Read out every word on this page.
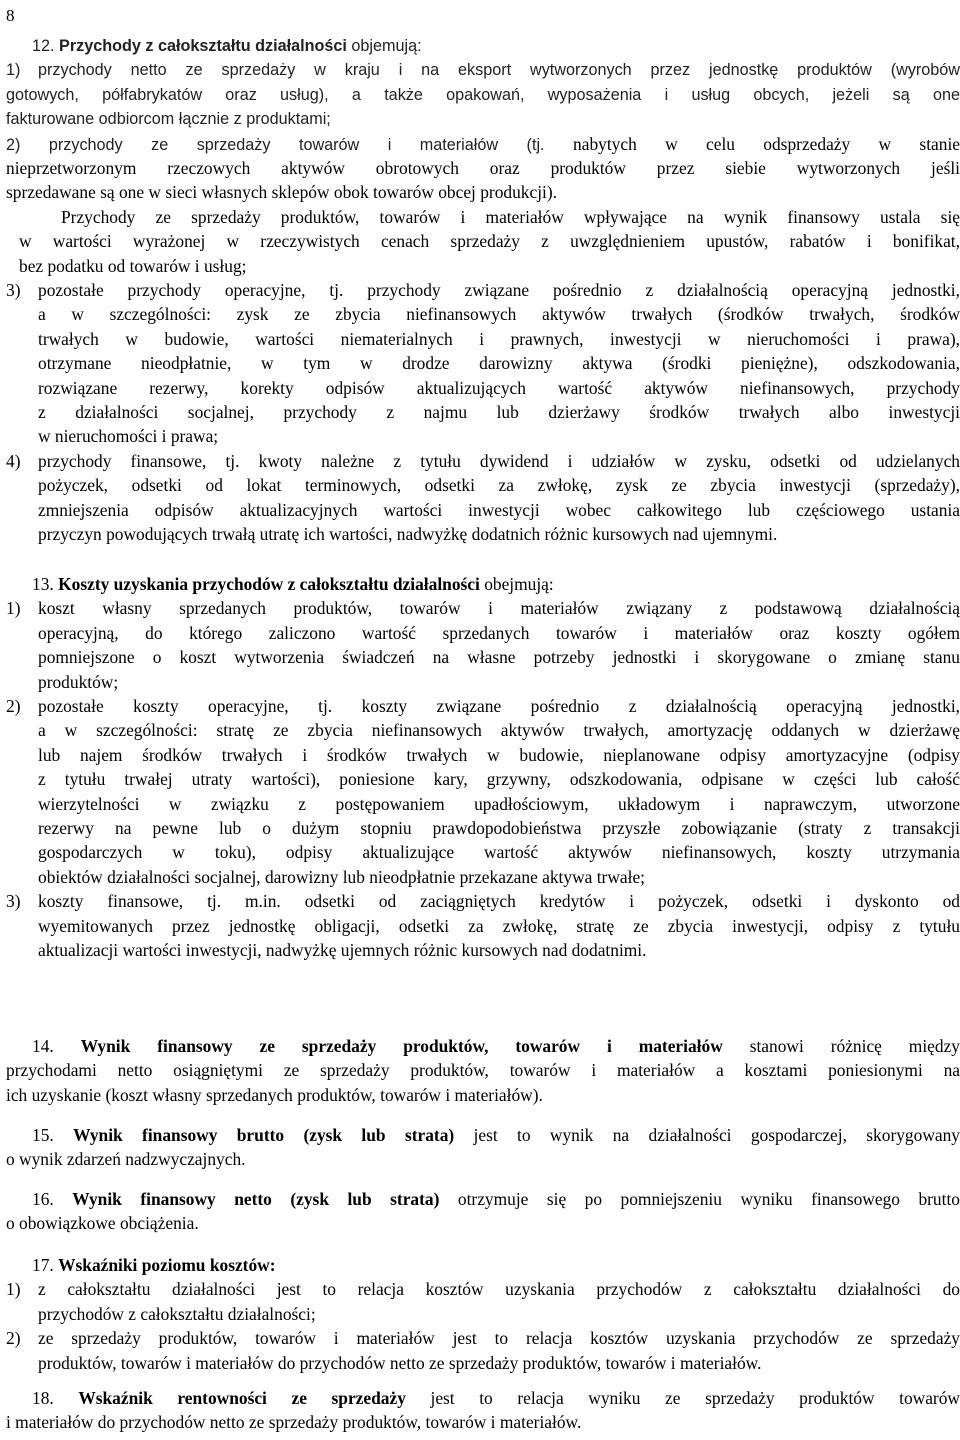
8
12. Przychody z całokształtu działalności objemują:
1) przychody netto ze sprzedaży w kraju i na eksport wytworzonych przez jednostkę produktów (wyrobów
gotowych, półfabrykatów oraz usług), a także opakowań, wyposażenia i usług obcych, jeżeli są one
fakturowane odbiorcom łącznie z produktami;
2) przychody ze sprzedaży towarów i materiałów (tj. nabytych w celu odsprzedaży w stanie
nieprzetworzonym rzeczowych aktywów obrotowych oraz produktów przez siebie wytworzonych jeśli
sprzedawane są one w sieci własnych sklepów obok towarów obcej produkcji).
Przychody ze sprzedaży produktów, towarów i materiałów wpływające na wynik finansowy ustala się
w wartości wyrażonej w rzeczywistych cenach sprzedaży z uwzględnieniem upustów, rabatów i bonifikat,
bez podatku od towarów i usług;
3) pozostałe przychody operacyjne, tj. przychody związane pośrednio z działalnością operacyjną jednostki,
a w szczególności: zysk ze zbycia niefinansowych aktywów trwałych (środków trwałych, środków
trwałych w budowie, wartości niematerialnych i prawnych, inwestycji w nieruchomości i prawa),
otrzymane nieodpłatnie, w tym w drodze darowizny aktywa (środki pieniężne), odszkodowania,
rozwiązane rezerwy, korekty odpisów aktualizujących wartość aktywów niefinansowych, przychody
z działalności socjalnej, przychody z najmu lub dzierżawy środków trwałych albo inwestycji
w nieruchomości i prawa;
4) przychody finansowe, tj. kwoty należne z tytułu dywidend i udziałów w zysku, odsetki od udzielanych
pożyczek, odsetki od lokat terminowych, odsetki za zwłokę, zysk ze zbycia inwestycji (sprzedaży),
zmniejszenia odpisów aktualizacyjnych wartości inwestycji wobec całkowitego lub częściowego ustania
przyczyn powodujących trwałą utratę ich wartości, nadwyżkę dodatnich różnic kursowych nad ujemnymi.
13. Koszty uzyskania przychodów z całokształtu działalności obejmują:
1) koszt własny sprzedanych produktów, towarów i materiałów związany z podstawową działalnością
operacyjną, do którego zaliczono wartość sprzedanych towarów i materiałów oraz koszty ogółem
pomniejszone o koszt wytworzenia świadczeń na własne potrzeby jednostki i skorygowane o zmianę stanu
produktów;
2) pozostałe koszty operacyjne, tj. koszty związane pośrednio z działalnością operacyjną jednostki,
a w szczególności: stratę ze zbycia niefinansowych aktywów trwałych, amortyzację oddanych w dzierżawę
lub najem środków trwałych i środków trwałych w budowie, nieplanowane odpisy amortyzacyjne (odpisy
z tytułu trwałej utraty wartości), poniesione kary, grzywny, odszkodowania, odpisane w części lub całość
wierzytelności w związku z postępowaniem upadłościowym, układowym i naprawczym, utworzone
rezerwy na pewne lub o dużym stopniu prawdopodobieństwa przyszłe zobowiązanie (straty z transakcji
gospodarczych w toku), odpisy aktualizujące wartość aktywów niefinansowych, koszty utrzymania
obiektów działalności socjalnej, darowizny lub nieodpłatnie przekazane aktywa trwałe;
3) koszty finansowe, tj. m.in. odsetki od zaciągniętych kredytów i pożyczek, odsetki i dyskonto od
wyemitowanych przez jednostkę obligacji, odsetki za zwłokę, stratę ze zbycia inwestycji, odpisy z tytułu
aktualizacji wartości inwestycji, nadwyżkę ujemnych różnic kursowych nad dodatnimi.
14. Wynik finansowy ze sprzedaży produktów, towarów i materiałów stanowi różnicę między
przychodami netto osiągniętymi ze sprzedaży produktów, towarów i materiałów a kosztami poniesionymi na
ich uzyskanie (koszt własny sprzedanych produktów, towarów i materiałów).
15. Wynik finansowy brutto (zysk lub strata) jest to wynik na działalności gospodarczej, skorygowany
o wynik zdarzeń nadzwyczajnych.
16. Wynik finansowy netto (zysk lub strata) otrzymuje się po pomniejszeniu wyniku finansowego brutto
o obowiązkowe obciążenia.
17. Wskaźniki poziomu kosztów:
1) z całokształtu działalności jest to relacja kosztów uzyskania przychodów z całokształtu działalności do
przychodów z całokształtu działalności;
2) ze sprzedaży produktów, towarów i materiałów jest to relacja kosztów uzyskania przychodów ze sprzedaży
produktów, towarów i materiałów do przychodów netto ze sprzedaży produktów, towarów i materiałów.
18. Wskaźnik rentowności ze sprzedaży jest to relacja wyniku ze sprzedaży produktów towarów
i materiałów do przychodów netto ze sprzedaży produktów, towarów i materiałów.
